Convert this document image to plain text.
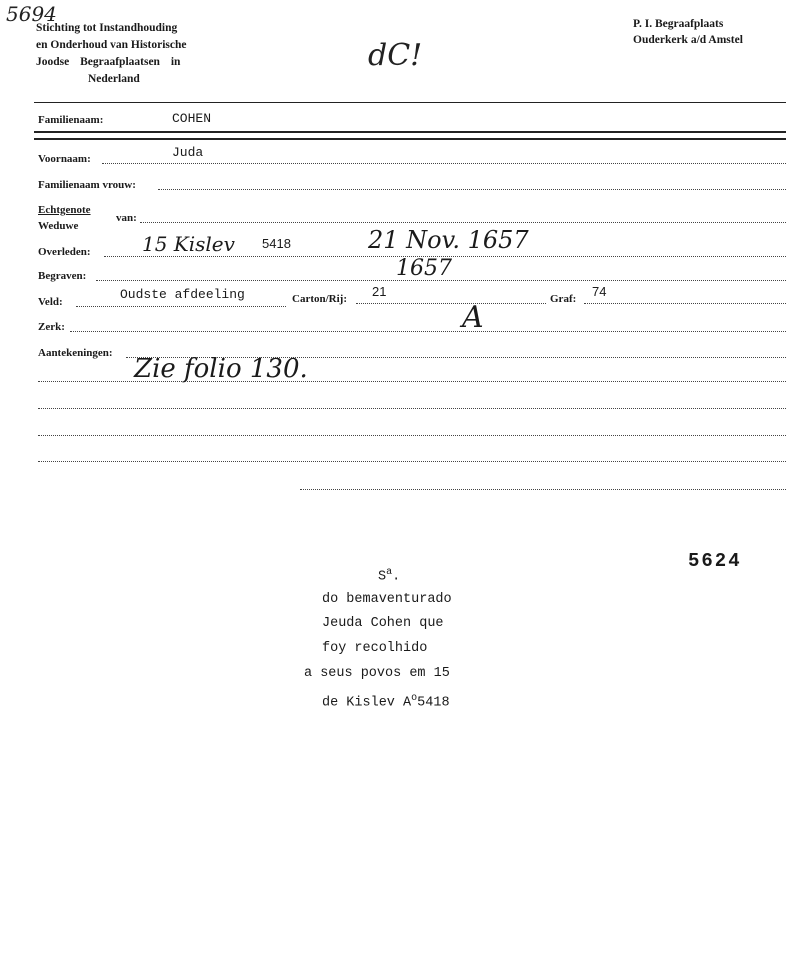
5694
Stichting tot Instandhouding
en Onderhoud van Historische
Joodse Begraafplaatsen in
Nederland
dC!
P. I. Begraafplaats
Ouderkerk a/d Amstel
Familienaam:	COHEN
Voornaam:	Juda
Familienaam vrouw:
Echtgenote
Weduwe
van:
Overleden:	15 Kislev 5418	21 Nov. 1657
Begraven:	1657
Veld:	Oudste afdeeling	Carton/Rij: 21	Graf: 74
Zerk:	A
Aantekeningen:
Zie folio 130.
5624
$S^a$.
do bemaventurado
Jeuda Cohen que
foy recolhido
a seus povos em 15
de Kislev $A^o5418$
